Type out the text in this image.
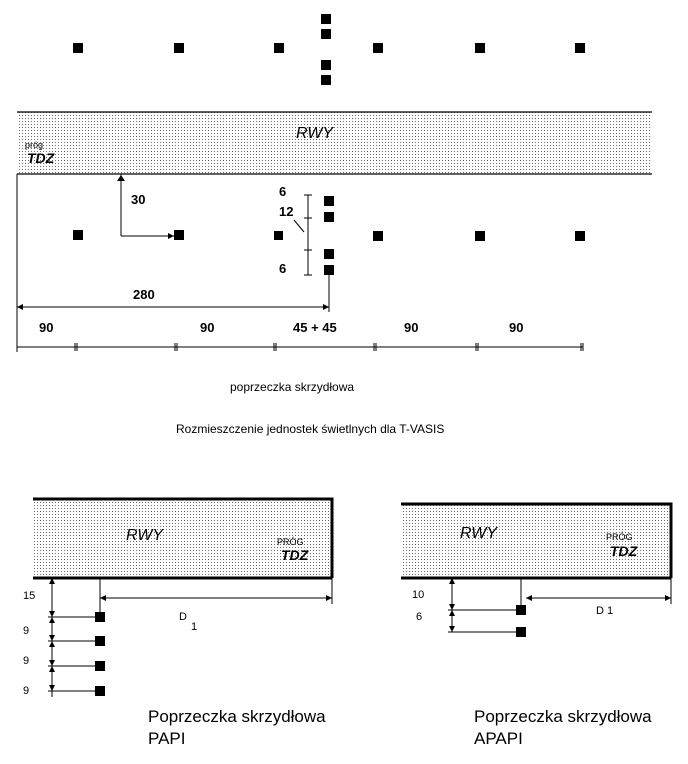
RWY
próg
TDZ
30
6
12
6
280
90	90	45 + 45	90	90
poprzeczka skrzydłowa
Rozmieszczenie jednostek świetlnych dla T-VASIS
RWY	PRÓG
TDZ
15
9
9
9
D
1
Poprzeczka skrzydłowa
PAPI
RWY	PRÓG
TDZ
10
6	D 1
Poprzeczka skrzydłowa
APAPI
